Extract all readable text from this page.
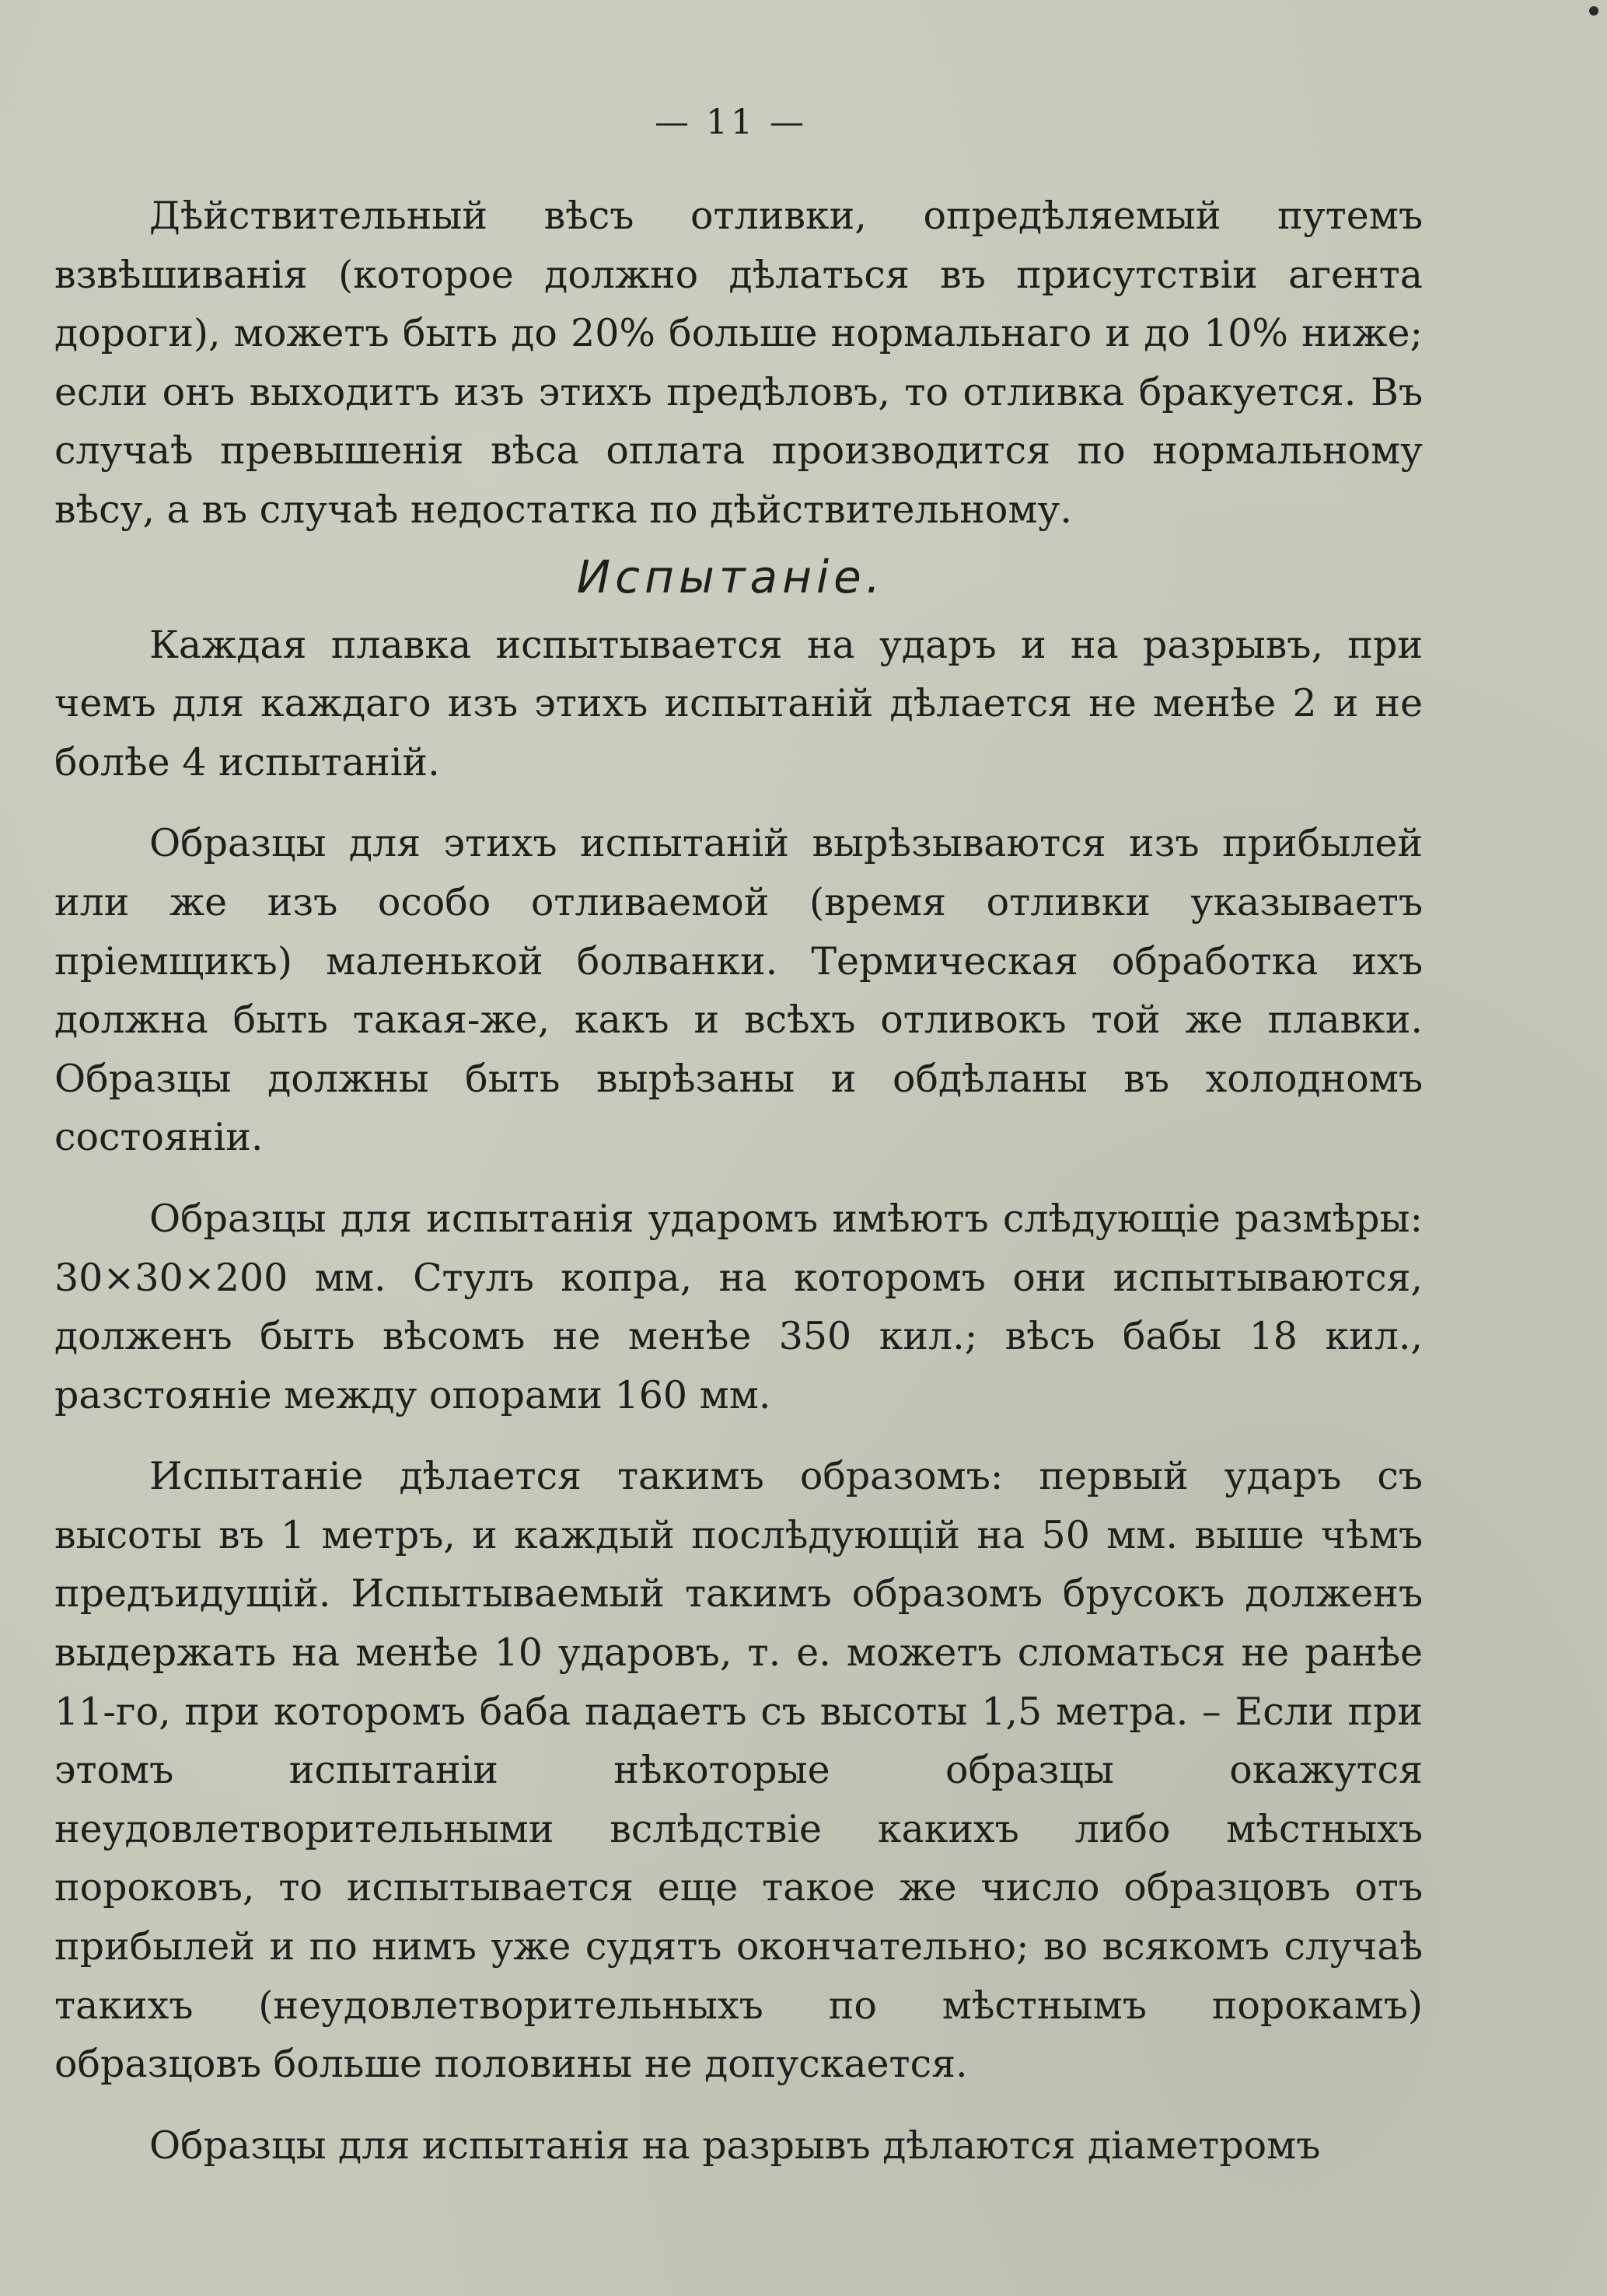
— 11 —

Дѣйствительный вѣсъ отливки, опредѣляемый путемъ взвѣшиванія (которое должно дѣлаться въ присутствіи агента дороги), можетъ быть до 20% больше нормальнаго и до 10% ниже; если онъ выходитъ изъ этихъ предѣловъ, то отливка бракуется. Въ случаѣ превышенія вѣса оплата производится по нормальному вѣсу, а въ случаѣ недостатка по дѣйствительному.

Испытаніе.

Каждая плавка испытывается на ударъ и на разрывъ, при чемъ для каждаго изъ этихъ испытаній дѣлается не менѣе 2 и не болѣе 4 испытаній.

Образцы для этихъ испытаній вырѣзываются изъ прибылей или же изъ особо отливаемой (время отливки указываетъ пріемщикъ) маленькой болванки. Термическая обработка ихъ должна быть такая-же, какъ и всѣхъ отливокъ той же плавки. Образцы должны быть вырѣзаны и обдѣланы въ холодномъ состояніи.

Образцы для испытанія ударомъ имѣютъ слѣдующіе размѣры: 30×30×200 мм. Стулъ копра, на которомъ они испытываются, долженъ быть вѣсомъ не менѣе 350 кил.; вѣсъ бабы 18 кил., разстояніе между опорами 160 мм.

Испытаніе дѣлается такимъ образомъ: первый ударъ съ высоты въ 1 метръ, и каждый послѣдующій на 50 мм. выше чѣмъ предъидущій. Испытываемый такимъ образомъ брусокъ долженъ выдержать на менѣе 10 ударовъ, т. е. можетъ сломаться не ранѣе 11-го, при которомъ баба падаетъ съ высоты 1,5 метра. – Если при этомъ испытаніи нѣкоторые образцы окажутся неудовлетворительными вслѣдствіе какихъ либо мѣстныхъ пороковъ, то испытывается еще такое же число образцовъ отъ прибылей и по нимъ уже судятъ окончательно; во всякомъ случаѣ такихъ (неудовлетворительныхъ по мѣстнымъ порокамъ) образцовъ больше половины не допускается.

Образцы для испытанія на разрывъ дѣлаются діаметромъ
